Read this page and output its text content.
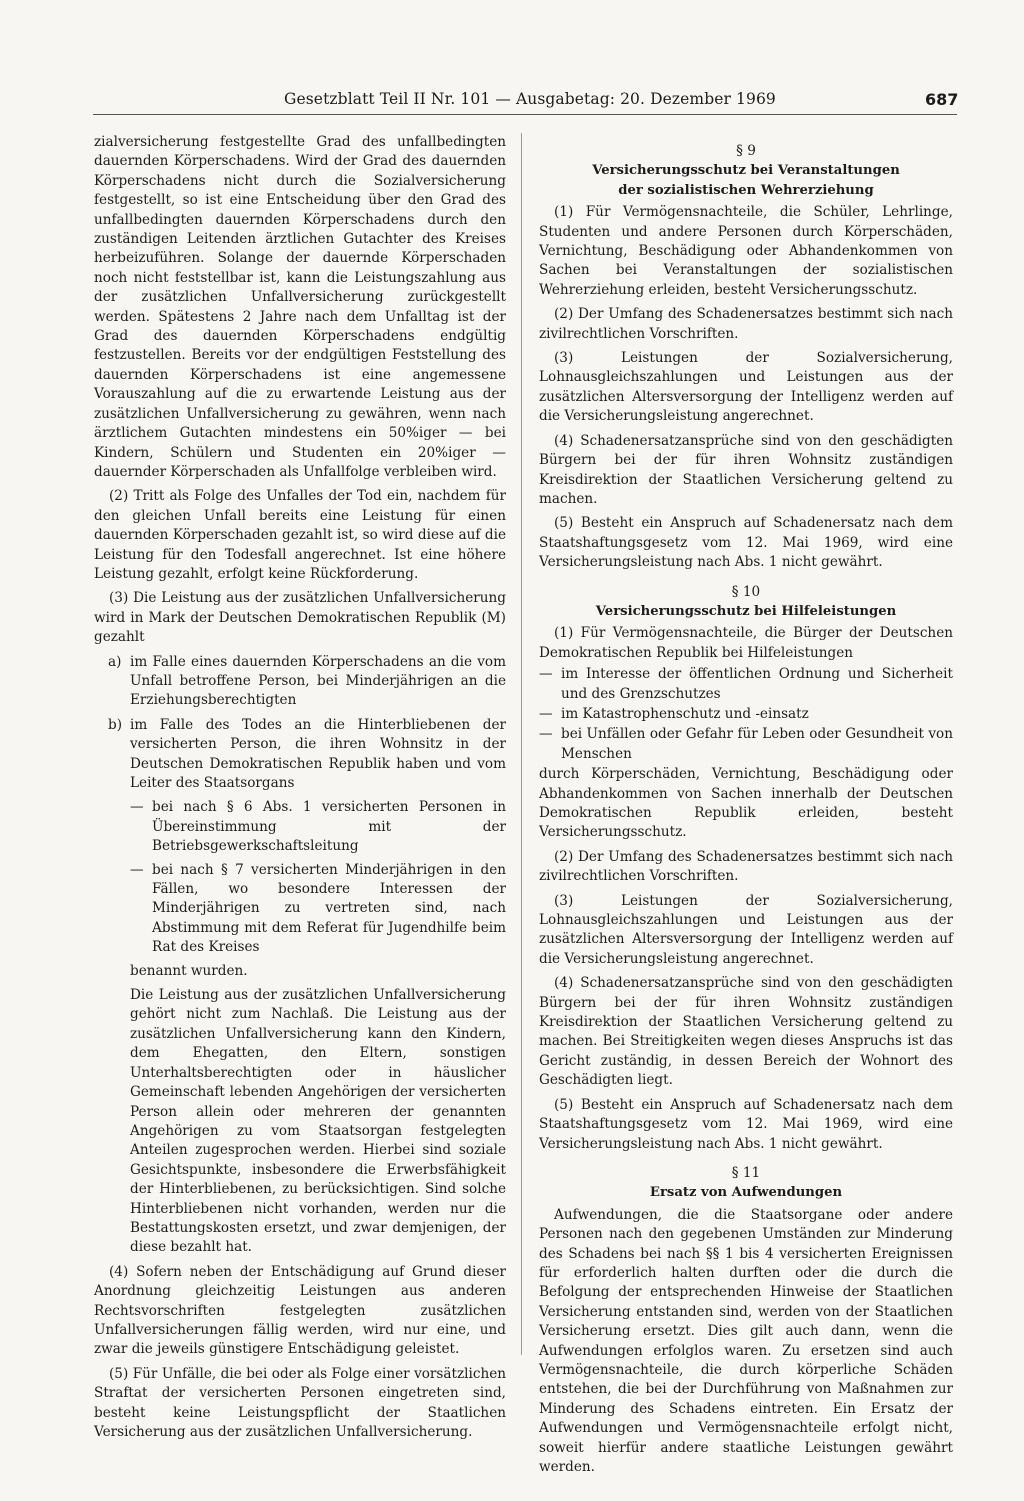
Gesetzblatt Teil II Nr. 101 — Ausgabetag: 20. Dezember 1969	687

zialversicherung festgestellte Grad des unfallbedingten dauernden Körperschadens. Wird der Grad des dauernden Körperschadens nicht durch die Sozialversicherung festgestellt, so ist eine Entscheidung über den Grad des unfallbedingten dauernden Körperschadens durch den zuständigen Leitenden ärztlichen Gutachter des Kreises herbeizuführen. Solange der dauernde Körperschaden noch nicht feststellbar ist, kann die Leistungszahlung aus der zusätzlichen Unfallversicherung zurückgestellt werden. Spätestens 2 Jahre nach dem Unfalltag ist der Grad des dauernden Körperschadens endgültig festzustellen. Bereits vor der endgültigen Feststellung des dauernden Körperschadens ist eine angemessene Vorauszahlung auf die zu erwartende Leistung aus der zusätzlichen Unfallversicherung zu gewähren, wenn nach ärztlichem Gutachten mindestens ein 50%iger — bei Kindern, Schülern und Studenten ein 20%iger — dauernder Körperschaden als Unfallfolge verbleiben wird.

(2) Tritt als Folge des Unfalles der Tod ein, nachdem für den gleichen Unfall bereits eine Leistung für einen dauernden Körperschaden gezahlt ist, so wird diese auf die Leistung für den Todesfall angerechnet. Ist eine höhere Leistung gezahlt, erfolgt keine Rückforderung.

(3) Die Leistung aus der zusätzlichen Unfallversicherung wird in Mark der Deutschen Demokratischen Republik (M) gezahlt

a) im Falle eines dauernden Körperschadens an die vom Unfall betroffene Person, bei Minderjährigen an die Erziehungsberechtigten
b) im Falle des Todes an die Hinterbliebenen der versicherten Person, die ihren Wohnsitz in der Deutschen Demokratischen Republik haben und vom Leiter des Staatsorgans
— bei nach § 6 Abs. 1 versicherten Personen in Übereinstimmung mit der Betriebsgewerkschaftsleitung
— bei nach § 7 versicherten Minderjährigen in den Fällen, wo besondere Interessen der Minderjährigen zu vertreten sind, nach Abstimmung mit dem Referat für Jugendhilfe beim Rat des Kreises

benannt wurden.

Die Leistung aus der zusätzlichen Unfallversicherung gehört nicht zum Nachlaß. Die Leistung aus der zusätzlichen Unfallversicherung kann den Kindern, dem Ehegatten, den Eltern, sonstigen Unterhaltsberechtigten oder in häuslicher Gemeinschaft lebenden Angehörigen der versicherten Person allein oder mehreren der genannten Angehörigen zu vom Staatsorgan festgelegten Anteilen zugesprochen werden. Hierbei sind soziale Gesichtspunkte, insbesondere die Erwerbsfähigkeit der Hinterbliebenen, zu berücksichtigen. Sind solche Hinterbliebenen nicht vorhanden, werden nur die Bestattungskosten ersetzt, und zwar demjenigen, der diese bezahlt hat.

(4) Sofern neben der Entschädigung auf Grund dieser Anordnung gleichzeitig Leistungen aus anderen Rechtsvorschriften festgelegten zusätzlichen Unfallversicherungen fällig werden, wird nur eine, und zwar die jeweils günstigere Entschädigung geleistet.

(5) Für Unfälle, die bei oder als Folge einer vorsätzlichen Straftat der versicherten Personen eingetreten sind, besteht keine Leistungspflicht der Staatlichen Versicherung aus der zusätzlichen Unfallversicherung.

§ 9
Versicherungsschutz bei Veranstaltungen
der sozialistischen Wehrerziehung

(1) Für Vermögensnachteile, die Schüler, Lehrlinge, Studenten und andere Personen durch Körperschäden, Vernichtung, Beschädigung oder Abhandenkommen von Sachen bei Veranstaltungen der sozialistischen Wehrerziehung erleiden, besteht Versicherungsschutz.

(2) Der Umfang des Schadenersatzes bestimmt sich nach zivilrechtlichen Vorschriften.

(3) Leistungen der Sozialversicherung, Lohnausgleichszahlungen und Leistungen aus der zusätzlichen Altersversorgung der Intelligenz werden auf die Versicherungsleistung angerechnet.

(4) Schadenersatzansprüche sind von den geschädigten Bürgern bei der für ihren Wohnsitz zuständigen Kreisdirektion der Staatlichen Versicherung geltend zu machen.

(5) Besteht ein Anspruch auf Schadenersatz nach dem Staatshaftungsgesetz vom 12. Mai 1969, wird eine Versicherungsleistung nach Abs. 1 nicht gewährt.

§ 10
Versicherungsschutz bei Hilfeleistungen

(1) Für Vermögensnachteile, die Bürger der Deutschen Demokratischen Republik bei Hilfeleistungen

— im Interesse der öffentlichen Ordnung und Sicherheit und des Grenzschutzes
— im Katastrophenschutz und -einsatz
— bei Unfällen oder Gefahr für Leben oder Gesundheit von Menschen

durch Körperschäden, Vernichtung, Beschädigung oder Abhandenkommen von Sachen innerhalb der Deutschen Demokratischen Republik erleiden, besteht Versicherungsschutz.

(2) Der Umfang des Schadenersatzes bestimmt sich nach zivilrechtlichen Vorschriften.

(3) Leistungen der Sozialversicherung, Lohnausgleichszahlungen und Leistungen aus der zusätzlichen Altersversorgung der Intelligenz werden auf die Versicherungsleistung angerechnet.

(4) Schadenersatzansprüche sind von den geschädigten Bürgern bei der für ihren Wohnsitz zuständigen Kreisdirektion der Staatlichen Versicherung geltend zu machen. Bei Streitigkeiten wegen dieses Anspruchs ist das Gericht zuständig, in dessen Bereich der Wohnort des Geschädigten liegt.

(5) Besteht ein Anspruch auf Schadenersatz nach dem Staatshaftungsgesetz vom 12. Mai 1969, wird eine Versicherungsleistung nach Abs. 1 nicht gewährt.

§ 11
Ersatz von Aufwendungen

Aufwendungen, die die Staatsorgane oder andere Personen nach den gegebenen Umständen zur Minderung des Schadens bei nach §§ 1 bis 4 versicherten Ereignissen für erforderlich halten durften oder die durch die Befolgung der entsprechenden Hinweise der Staatlichen Versicherung entstanden sind, werden von der Staatlichen Versicherung ersetzt. Dies gilt auch dann, wenn die Aufwendungen erfolglos waren. Zu ersetzen sind auch Vermögensnachteile, die durch körperliche Schäden entstehen, die bei der Durchführung von Maßnahmen zur Minderung des Schadens eintreten. Ein Ersatz der Aufwendungen und Vermögensnachteile erfolgt nicht, soweit hierfür andere staatliche Leistungen gewährt werden.
